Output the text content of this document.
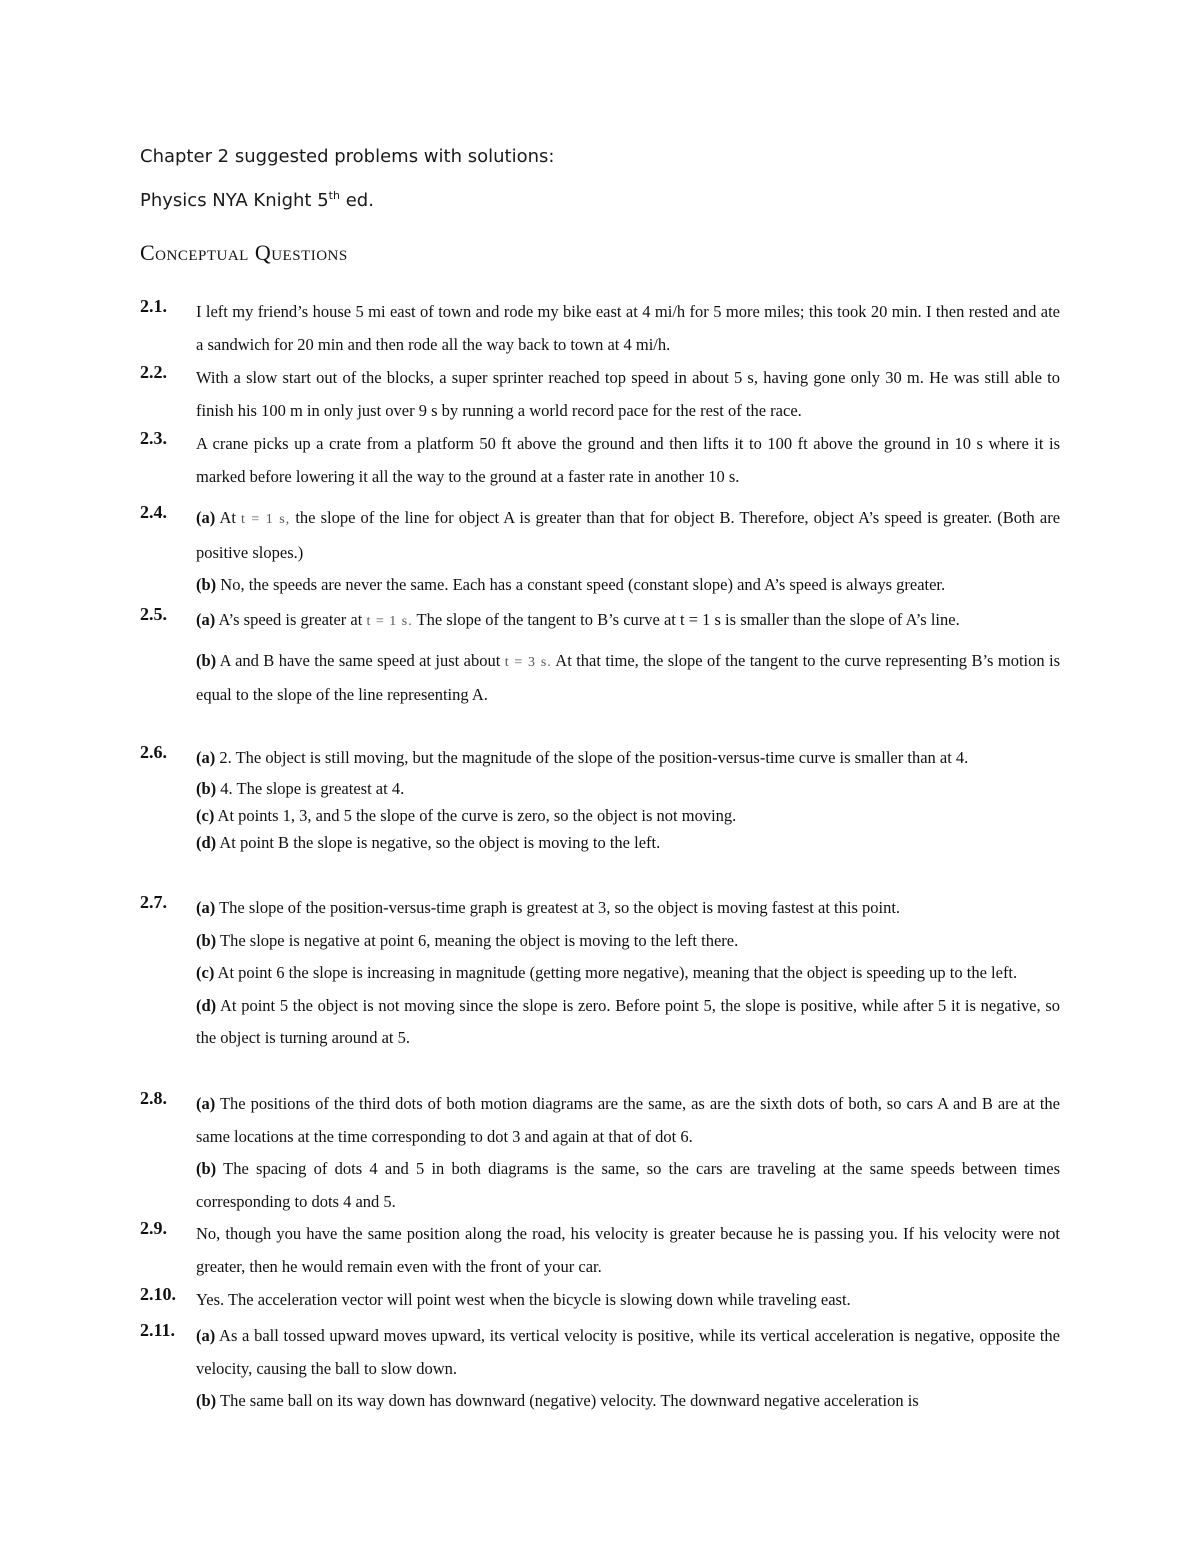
Chapter 2 suggested problems with solutions:
Physics NYA Knight 5th ed.
Conceptual Questions
2.1.	I left my friend’s house 5 mi east of town and rode my bike east at 4 mi/h for 5 more miles; this took 20 min. I then rested and ate a sandwich for 20 min and then rode all the way back to town at 4 mi/h.
2.2.	With a slow start out of the blocks, a super sprinter reached top speed in about 5 s, having gone only 30 m. He was still able to finish his 100 m in only just over 9 s by running a world record pace for the rest of the race.
2.3.	A crane picks up a crate from a platform 50 ft above the ground and then lifts it to 100 ft above the ground in 10 s where it is marked before lowering it all the way to the ground at a faster rate in another 10 s.
2.4.	(a) At t = 1 s, the slope of the line for object A is greater than that for object B. Therefore, object A’s speed is greater. (Both are positive slopes.)
(b) No, the speeds are never the same. Each has a constant speed (constant slope) and A’s speed is always greater.
2.5.	(a) A’s speed is greater at t = 1 s. The slope of the tangent to B’s curve at t = 1 s is smaller than the slope of A’s line.
(b) A and B have the same speed at just about t = 3 s. At that time, the slope of the tangent to the curve representing B’s motion is equal to the slope of the line representing A.
2.6.	(a) 2. The object is still moving, but the magnitude of the slope of the position-versus-time curve is smaller than at 4.
(b) 4. The slope is greatest at 4.
(c) At points 1, 3, and 5 the slope of the curve is zero, so the object is not moving.
(d) At point B the slope is negative, so the object is moving to the left.
2.7.	(a) The slope of the position-versus-time graph is greatest at 3, so the object is moving fastest at this point.
(b) The slope is negative at point 6, meaning the object is moving to the left there.
(c) At point 6 the slope is increasing in magnitude (getting more negative), meaning that the object is speeding up to the left.
(d) At point 5 the object is not moving since the slope is zero. Before point 5, the slope is positive, while after 5 it is negative, so the object is turning around at 5.
2.8.	(a) The positions of the third dots of both motion diagrams are the same, as are the sixth dots of both, so cars A and B are at the same locations at the time corresponding to dot 3 and again at that of dot 6.
(b) The spacing of dots 4 and 5 in both diagrams is the same, so the cars are traveling at the same speeds between times corresponding to dots 4 and 5.
2.9.	No, though you have the same position along the road, his velocity is greater because he is passing you. If his velocity were not greater, then he would remain even with the front of your car.
2.10.	Yes. The acceleration vector will point west when the bicycle is slowing down while traveling east.
2.11.	(a) As a ball tossed upward moves upward, its vertical velocity is positive, while its vertical acceleration is negative, opposite the velocity, causing the ball to slow down.
(b) The same ball on its way down has downward (negative) velocity. The downward negative acceleration is
